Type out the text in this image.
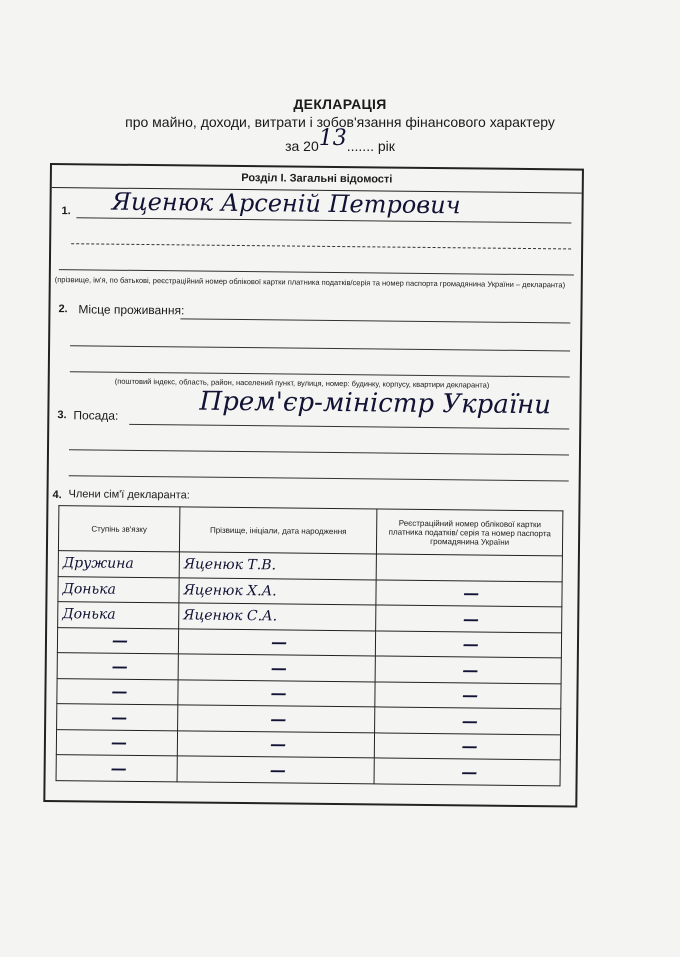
ДЕКЛАРАЦІЯ
про майно, доходи, витрати і зобов'язання фінансового характеру
за 2013....... рік
Розділ І. Загальні відомості
1. Яценюк Арсеній Петрович
(прізвище, ім'я, по батькові, реєстраційний номер облікової картки платника податків/серія та номер паспорта громадянина України – декларанта)
2. Місце проживання:
(поштовий індекс, область, район, населений пункт, вулиця, номер: будинку, корпусу, квартири декларанта)
3. Посада:	Прем'єр-міністр України
4. Члени сім'ї декларанта:
Ступінь зв'язку	Прізвище, ініціали, дата народження	Реєстраційний номер облікової картки платника податків/ серія та номер паспорта громадянина України
Дружина	Яценюк Т.В.	
Донька	Яценюк Х.А.	—

Донька	Яценюк С.А.	—

—	—	—

—	—	—

—	—	—

—	—	—

—	—	—

—	—	—
